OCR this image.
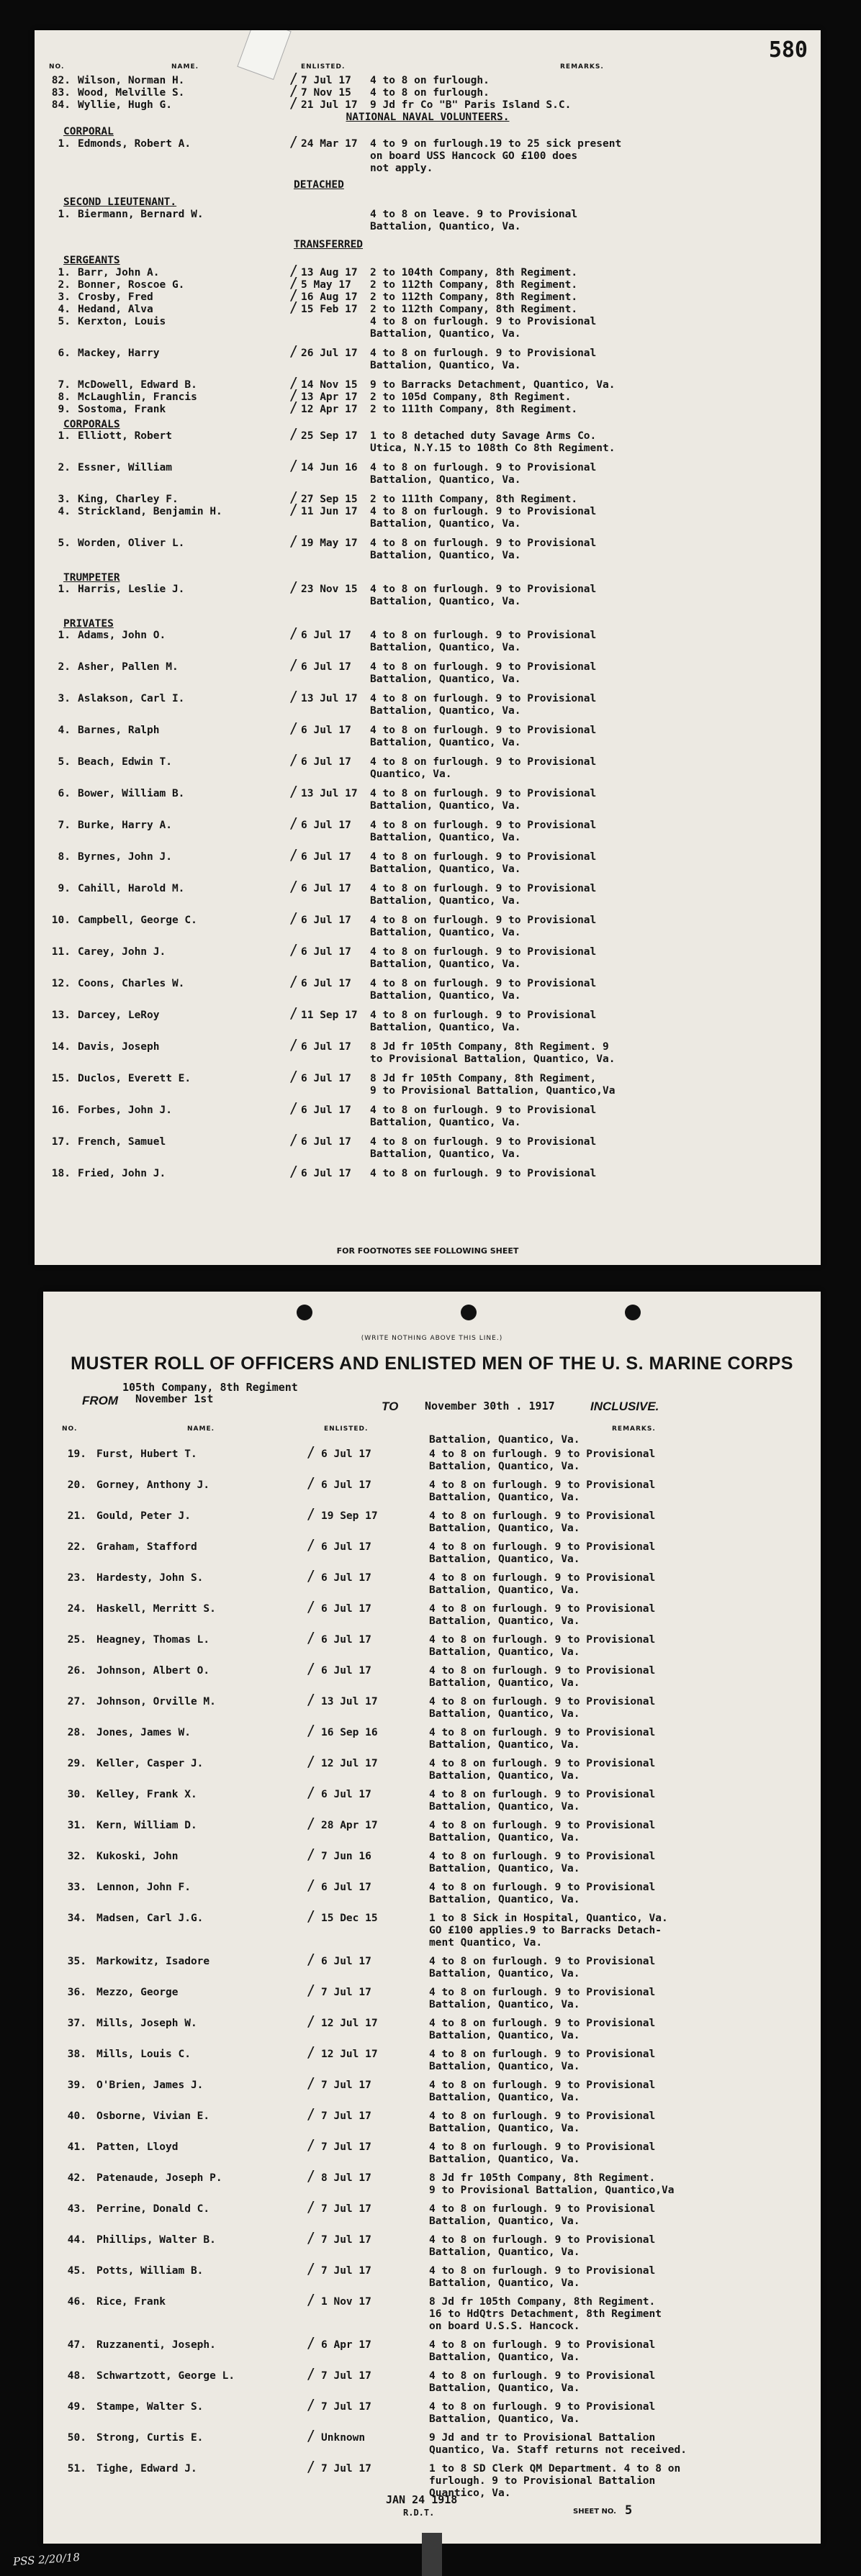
580
NO.	NAME.	ENLISTED.	REMARKS.
82. Wilson, Norman H.	/ 7 Jul 17 4 to 8 on furlough.
83. Wood, Melville S.	/ 7 Nov 15 4 to 8 on furlough.
84. Wyllie, Hugh G.	/ 21 Jul 17 9 Jd fr Co "B" Paris Island S.C.
NATIONAL NAVAL VOLUNTEERS.
CORPORAL
1. Edmonds, Robert A.	/ 24 Mar 17 4 to 9 on furlough.19 to 25 sick present
on board USS Hancock GO £100 does
not apply.
DETACHED
SECOND LIEUTENANT.
1. Biermann, Bernard W.	4 to 8 on leave. 9 to Provisional
Battalion, Quantico, Va.
TRANSFERRED
SERGEANTS
1. Barr, John A.	/ 13 Aug 17 2 to 104th Company, 8th Regiment.
2. Bonner, Roscoe G.	/ 5 May 17 2 to 112th Company, 8th Regiment.
3. Crosby, Fred	/ 16 Aug 17 2 to 112th Company, 8th Regiment.
4. Hedand, Alva	/ 15 Feb 17 2 to 112th Company, 8th Regiment.
5. Kerxton, Louis	4 to 8 on furlough. 9 to Provisional
Battalion, Quantico, Va.
6. Mackey, Harry	/ 26 Jul 17 4 to 8 on furlough. 9 to Provisional
Battalion, Quantico, Va.
7. McDowell, Edward B.	/ 14 Nov 15 9 to Barracks Detachment, Quantico, Va.
8. McLaughlin, Francis	/ 13 Apr 17 2 to 105d Company, 8th Regiment.
9. Sostoma, Frank	/ 12 Apr 17 2 to 111th Company, 8th Regiment.
CORPORALS
1. Elliott, Robert	/ 25 Sep 17 1 to 8 detached duty Savage Arms Co.
Utica, N.Y.15 to 108th Co 8th Regiment.
2. Essner, William	/ 14 Jun 16 4 to 8 on furlough. 9 to Provisional
Battalion, Quantico, Va.
3. King, Charley F.	/ 27 Sep 15 2 to 111th Company, 8th Regiment.
4. Strickland, Benjamin H.	/ 11 Jun 17 4 to 8 on furlough. 9 to Provisional
Battalion, Quantico, Va.
5. Worden, Oliver L.	/ 19 May 17 4 to 8 on furlough. 9 to Provisional
Battalion, Quantico, Va.
TRUMPETER
1. Harris, Leslie J.	/ 23 Nov 15 4 to 8 on furlough. 9 to Provisional
Battalion, Quantico, Va.
PRIVATES
1. Adams, John O.	/ 6 Jul 17 4 to 8 on furlough. 9 to Provisional
Battalion, Quantico, Va.
2. Asher, Pallen M.	/ 6 Jul 17 4 to 8 on furlough. 9 to Provisional
Battalion, Quantico, Va.
3. Aslakson, Carl I.	/ 13 Jul 17 4 to 8 on furlough. 9 to Provisional
Battalion, Quantico, Va.
4. Barnes, Ralph	/ 6 Jul 17 4 to 8 on furlough. 9 to Provisional
Battalion, Quantico, Va.
5. Beach, Edwin T.	/ 6 Jul 17 4 to 8 on furlough. 9 to Provisional
Quantico, Va.
6. Bower, William B.	/ 13 Jul 17 4 to 8 on furlough. 9 to Provisional
Battalion, Quantico, Va.
7. Burke, Harry A.	/ 6 Jul 17 4 to 8 on furlough. 9 to Provisional
Battalion, Quantico, Va.
8. Byrnes, John J.	/ 6 Jul 17 4 to 8 on furlough. 9 to Provisional
Battalion, Quantico, Va.
9. Cahill, Harold M.	/ 6 Jul 17 4 to 8 on furlough. 9 to Provisional
Battalion, Quantico, Va.
10. Campbell, George C.	/ 6 Jul 17 4 to 8 on furlough. 9 to Provisional
Battalion, Quantico, Va.
11. Carey, John J.	/ 6 Jul 17 4 to 8 on furlough. 9 to Provisional
Battalion, Quantico, Va.
12. Coons, Charles W.	/ 6 Jul 17 4 to 8 on furlough. 9 to Provisional
Battalion, Quantico, Va.
13. Darcey, LeRoy	/ 11 Sep 17 4 to 8 on furlough. 9 to Provisional
Battalion, Quantico, Va.
14. Davis, Joseph	/ 6 Jul 17 8 Jd fr 105th Company, 8th Regiment. 9
to Provisional Battalion, Quantico, Va.
15. Duclos, Everett E.	/ 6 Jul 17 8 Jd fr 105th Company, 8th Regiment,
9 to Provisional Battalion, Quantico,Va
16. Forbes, John J.	/ 6 Jul 17 4 to 8 on furlough. 9 to Provisional
Battalion, Quantico, Va.
17. French, Samuel	/ 6 Jul 17 4 to 8 on furlough. 9 to Provisional
Battalion, Quantico, Va.
18. Fried, John J.	/ 6 Jul 17 4 to 8 on furlough. 9 to Provisional
FOR FOOTNOTES SEE FOLLOWING SHEET
(WRITE NOTHING ABOVE THIS LINE.)
MUSTER ROLL OF OFFICERS AND ENLISTED MEN OF THE U. S. MARINE CORPS
105th Company, 8th Regiment
FROM November 1st
TO November 30th . 1917	INCLUSIVE.
NO.	NAME.	ENLISTED.	REMARKS.
Battalion, Quantico, Va.
19. Furst, Hubert T.	/ 6 Jul 17	4 to 8 on furlough. 9 to Provisional
Battalion, Quantico, Va.
20. Gorney, Anthony J.	/ 6 Jul 17	4 to 8 on furlough. 9 to Provisional
Battalion, Quantico, Va.
21. Gould, Peter J.	/ 19 Sep 17	4 to 8 on furlough. 9 to Provisional
Battalion, Quantico, Va.
22. Graham, Stafford	/ 6 Jul 17	4 to 8 on furlough. 9 to Provisional
Battalion, Quantico, Va.
23. Hardesty, John S.	/ 6 Jul 17	4 to 8 on furlough. 9 to Provisional
Battalion, Quantico, Va.
24. Haskell, Merritt S.	/ 6 Jul 17	4 to 8 on furlough. 9 to Provisional
Battalion, Quantico, Va.
25. Heagney, Thomas L.	/ 6 Jul 17	4 to 8 on furlough. 9 to Provisional
Battalion, Quantico, Va.
26. Johnson, Albert O.	/ 6 Jul 17	4 to 8 on furlough. 9 to Provisional
Battalion, Quantico, Va.
27. Johnson, Orville M.	/ 13 Jul 17	4 to 8 on furlough. 9 to Provisional
Battalion, Quantico, Va.
28. Jones, James W.	/ 16 Sep 16	4 to 8 on furlough. 9 to Provisional
Battalion, Quantico, Va.
29. Keller, Casper J.	/ 12 Jul 17	4 to 8 on furlough. 9 to Provisional
Battalion, Quantico, Va.
30. Kelley, Frank X.	/ 6 Jul 17	4 to 8 on furlough. 9 to Provisional
Battalion, Quantico, Va.
31. Kern, William D.	/ 28 Apr 17	4 to 8 on furlough. 9 to Provisional
Battalion, Quantico, Va.
32. Kukoski, John	/ 7 Jun 16	4 to 8 on furlough. 9 to Provisional
Battalion, Quantico, Va.
33. Lennon, John F.	/ 6 Jul 17	4 to 8 on furlough. 9 to Provisional
Battalion, Quantico, Va.
34. Madsen, Carl J.G.	/ 15 Dec 15	1 to 8 Sick in Hospital, Quantico, Va.
GO £100 applies.9 to Barracks Detach-
ment Quantico, Va.
35. Markowitz, Isadore	/ 6 Jul 17	4 to 8 on furlough. 9 to Provisional
Battalion, Quantico, Va.
36. Mezzo, George	/ 7 Jul 17	4 to 8 on furlough. 9 to Provisional
Battalion, Quantico, Va.
37. Mills, Joseph W.	/ 12 Jul 17	4 to 8 on furlough. 9 to Provisional
Battalion, Quantico, Va.
38. Mills, Louis C.	/ 12 Jul 17	4 to 8 on furlough. 9 to Provisional
Battalion, Quantico, Va.
39. O'Brien, James J.	/ 7 Jul 17	4 to 8 on furlough. 9 to Provisional
Battalion, Quantico, Va.
40. Osborne, Vivian E.	/ 7 Jul 17	4 to 8 on furlough. 9 to Provisional
Battalion, Quantico, Va.
41. Patten, Lloyd	/ 7 Jul 17	4 to 8 on furlough. 9 to Provisional
Battalion, Quantico, Va.
42. Patenaude, Joseph P.	/ 8 Jul 17	8 Jd fr 105th Company, 8th Regiment.
9 to Provisional Battalion, Quantico,Va
43. Perrine, Donald C.	/ 7 Jul 17	4 to 8 on furlough. 9 to Provisional
Battalion, Quantico, Va.
44. Phillips, Walter B.	/ 7 Jul 17	4 to 8 on furlough. 9 to Provisional
Battalion, Quantico, Va.
45. Potts, William B.	/ 7 Jul 17	4 to 8 on furlough. 9 to Provisional
Battalion, Quantico, Va.
46. Rice, Frank	/ 1 Nov 17	8 Jd fr 105th Company, 8th Regiment.
16 to HdQtrs Detachment, 8th Regiment
on board U.S.S. Hancock.
47. Ruzzanenti, Joseph.	/ 6 Apr 17	4 to 8 on furlough. 9 to Provisional
Battalion, Quantico, Va.
48. Schwartzott, George L.	/ 7 Jul 17	4 to 8 on furlough. 9 to Provisional
Battalion, Quantico, Va.
49. Stampe, Walter S.	/ 7 Jul 17	4 to 8 on furlough. 9 to Provisional
Battalion, Quantico, Va.
50. Strong, Curtis E.	/ Unknown	9 Jd and tr to Provisional Battalion
Quantico, Va. Staff returns not received.
51. Tighe, Edward J.	/ 7 Jul 17	1 to 8 SD Clerk QM Department. 4 to 8 on
furlough. 9 to Provisional Battalion
Quantico, Va.
JAN 24 1918
R.D.T.	SHEET NO. 5
PSS 2/20/18
